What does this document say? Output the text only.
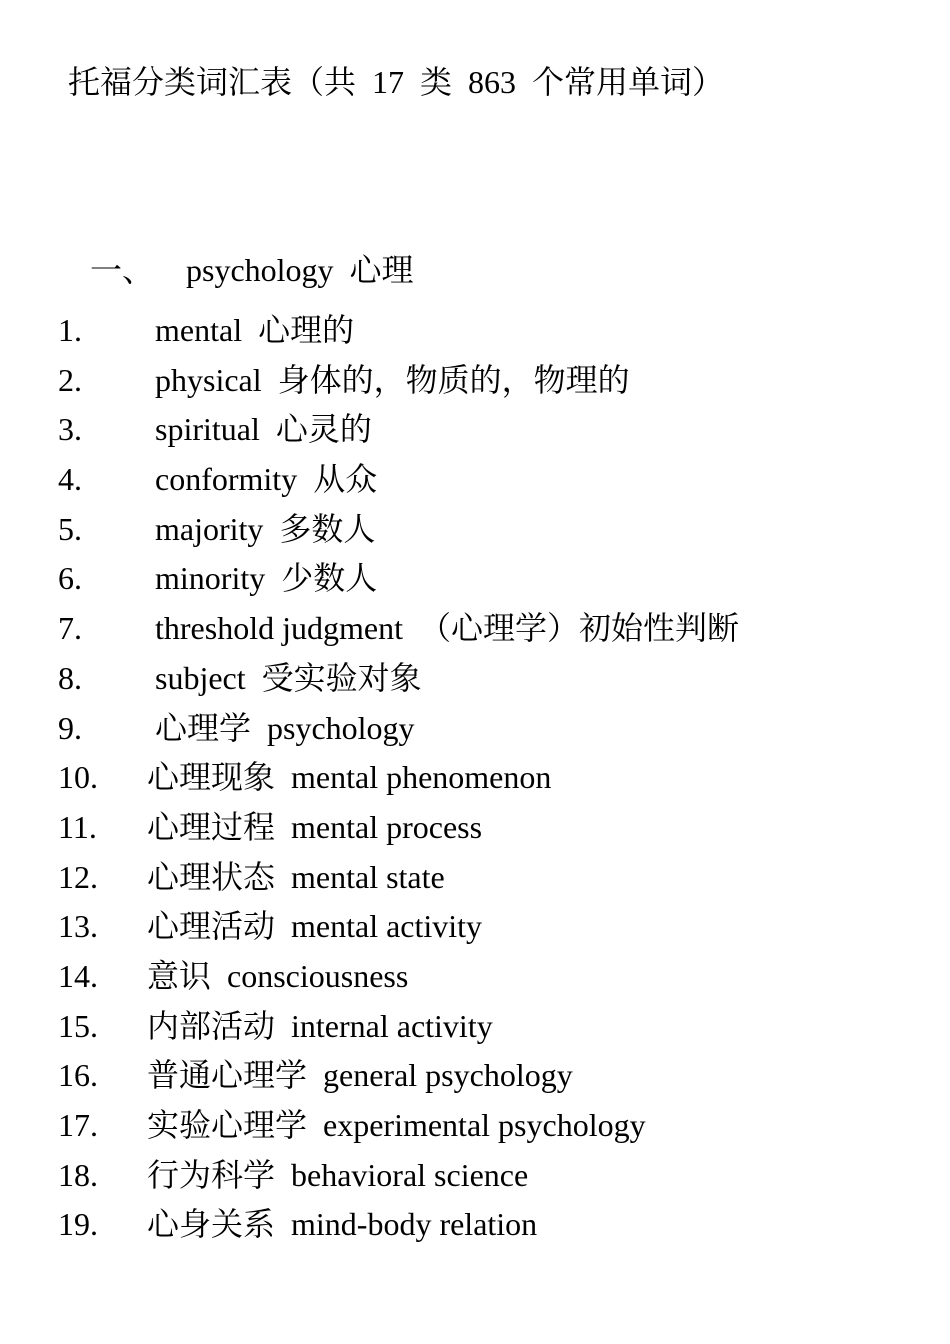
托福分类词汇表（共  17  类  863  个常用单词）

一、 psychology  心理

1. mental  心理的
2. physical  身体的，物质的，物理的
3. spiritual  心灵的
4. conformity  从众
5. majority  多数人
6. minority  少数人
7. threshold judgment  （心理学）初始性判断
8. subject  受实验对象
9. 心理学  psychology
10. 心理现象  mental phenomenon
11. 心理过程  mental process
12. 心理状态  mental state
13. 心理活动  mental activity
14. 意识  consciousness
15. 内部活动  internal activity
16. 普通心理学  general psychology
17. 实验心理学  experimental psychology
18. 行为科学  behavioral science
19. 心身关系  mind-body relation
